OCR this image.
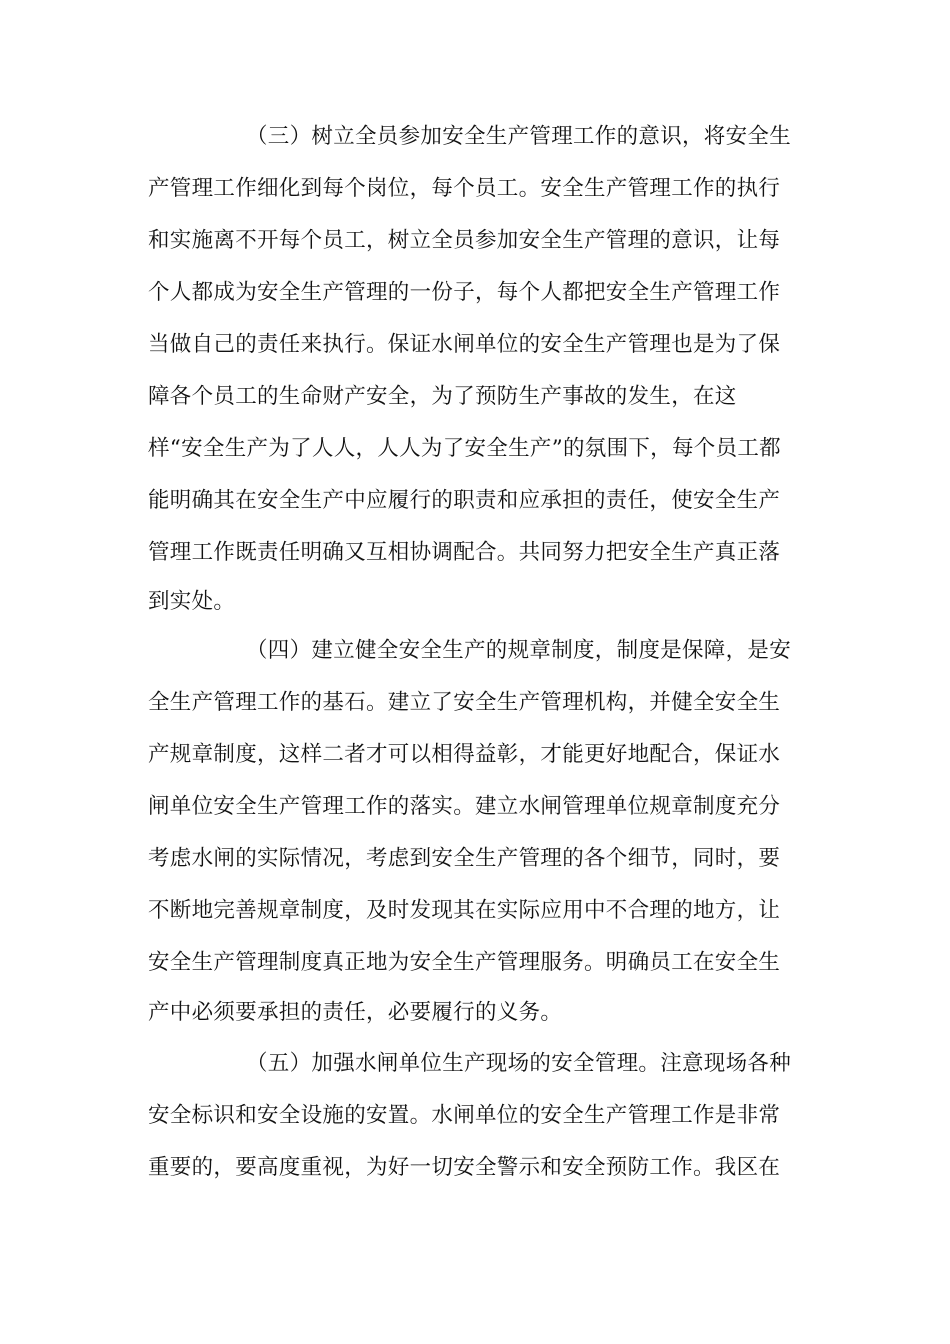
（三）树立全员参加安全生产管理工作的意识，将安全生
产管理工作细化到每个岗位，每个员工。安全生产管理工作的执行
和实施离不开每个员工，树立全员参加安全生产管理的意识，让每
个人都成为安全生产管理的一份子，每个人都把安全生产管理工作
当做自己的责任来执行。保证水闸单位的安全生产管理也是为了保
障各个员工的生命财产安全，为了预防生产事故的发生，在这
样“安全生产为了人人，人人为了安全生产”的氛围下，每个员工都
能明确其在安全生产中应履行的职责和应承担的责任，使安全生产
管理工作既责任明确又互相协调配合。共同努力把安全生产真正落
到实处。
（四）建立健全安全生产的规章制度，制度是保障，是安
全生产管理工作的基石。建立了安全生产管理机构，并健全安全生
产规章制度，这样二者才可以相得益彰，才能更好地配合，保证水
闸单位安全生产管理工作的落实。建立水闸管理单位规章制度充分
考虑水闸的实际情况，考虑到安全生产管理的各个细节，同时，要
不断地完善规章制度，及时发现其在实际应用中不合理的地方，让
安全生产管理制度真正地为安全生产管理服务。明确员工在安全生
产中必须要承担的责任，必要履行的义务。
（五）加强水闸单位生产现场的安全管理。注意现场各种
安全标识和安全设施的安置。水闸单位的安全生产管理工作是非常
重要的，要高度重视，为好一切安全警示和安全预防工作。我区在
